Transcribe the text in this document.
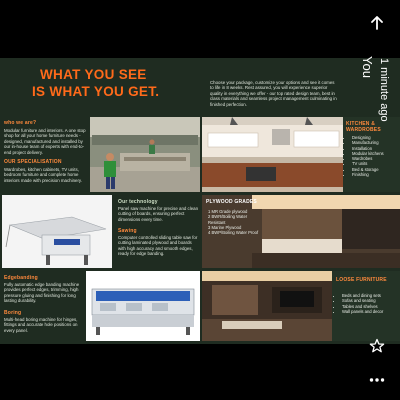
WHAT YOU SEE
IS WHAT YOU GET.
Choose your package, customize your options and see it comes to life in 8 weeks. Rest assured, you will experience superior quality in everything we offer - our top rated design team, best in class materials and seamless project management culminating in finished perfection.
who we are?
Modular furniture and interiors. A one stop shop for all your home furniture needs - designed, manufactured and installed by our in-house team of experts with end-to-end project delivery.
OUR SPECIALISATION
Wardrobes, kitchen cabinets, TV units, bedroom furniture and complete home interiors made with precision machinery.
KITCHEN & WARDROBES
• Designing
• Manufacturing
• Installation
• Modular kitchens
• Wardrobes
• TV units
• Bed & storage
• Finishing
Our technology
Panel saw machine for precise and clean cutting of boards, ensuring perfect dimensions every time.
Sawing
Computer controlled sliding table saw for cutting laminated plywood and boards with high accuracy and smooth edges, ready for edge banding.
PLYWOOD GRADES
1 MR Grade plywood
2 BWR/Boiling Water Resistant
3 Marine Plywood
4 BWP/Boiling Water Proof
Edgebanding
Fully automatic edge banding machine provides perfect edges, trimming, high pressure gluing and finishing for long lasting durability.
Boring
Multi-head boring machine for hinges, fittings and accurate hole positions on every panel.
LOOSE FURNITURE
• Beds and dining sets
• Sofas and seating
• Tables and shelves
• Wall panels and decor
You 1 minute ago
